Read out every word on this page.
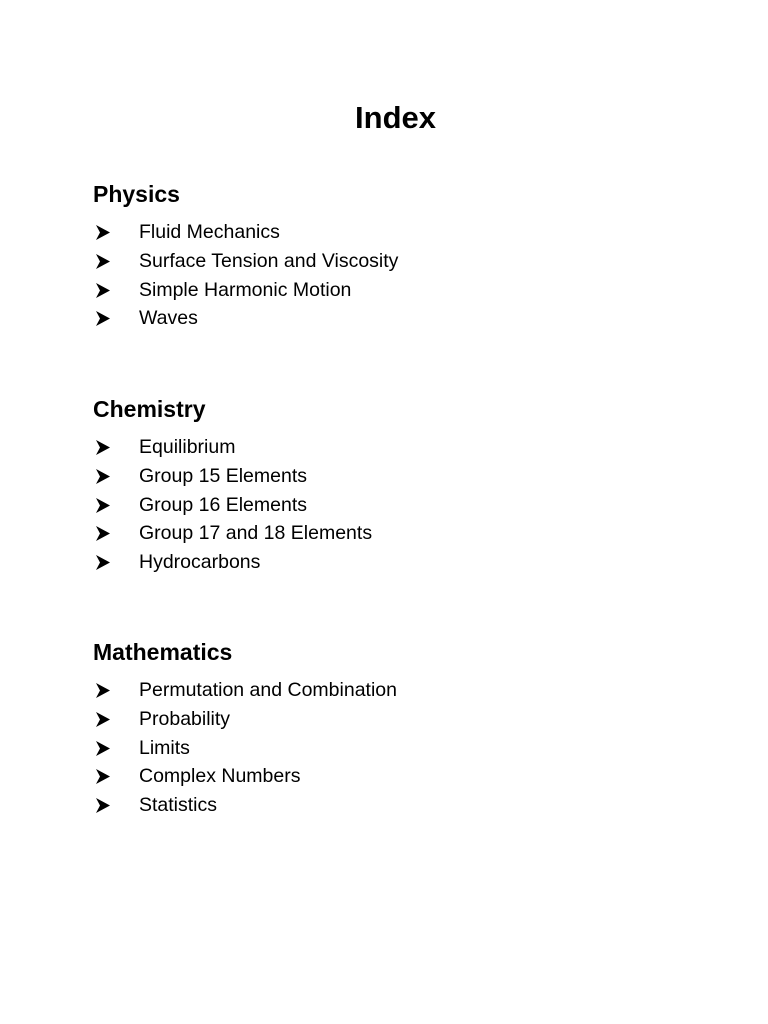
Index
Physics
Fluid Mechanics
Surface Tension and Viscosity
Simple Harmonic Motion
Waves
Chemistry
Equilibrium
Group 15 Elements
Group 16 Elements
Group 17 and 18 Elements
Hydrocarbons
Mathematics
Permutation and Combination
Probability
Limits
Complex Numbers
Statistics
